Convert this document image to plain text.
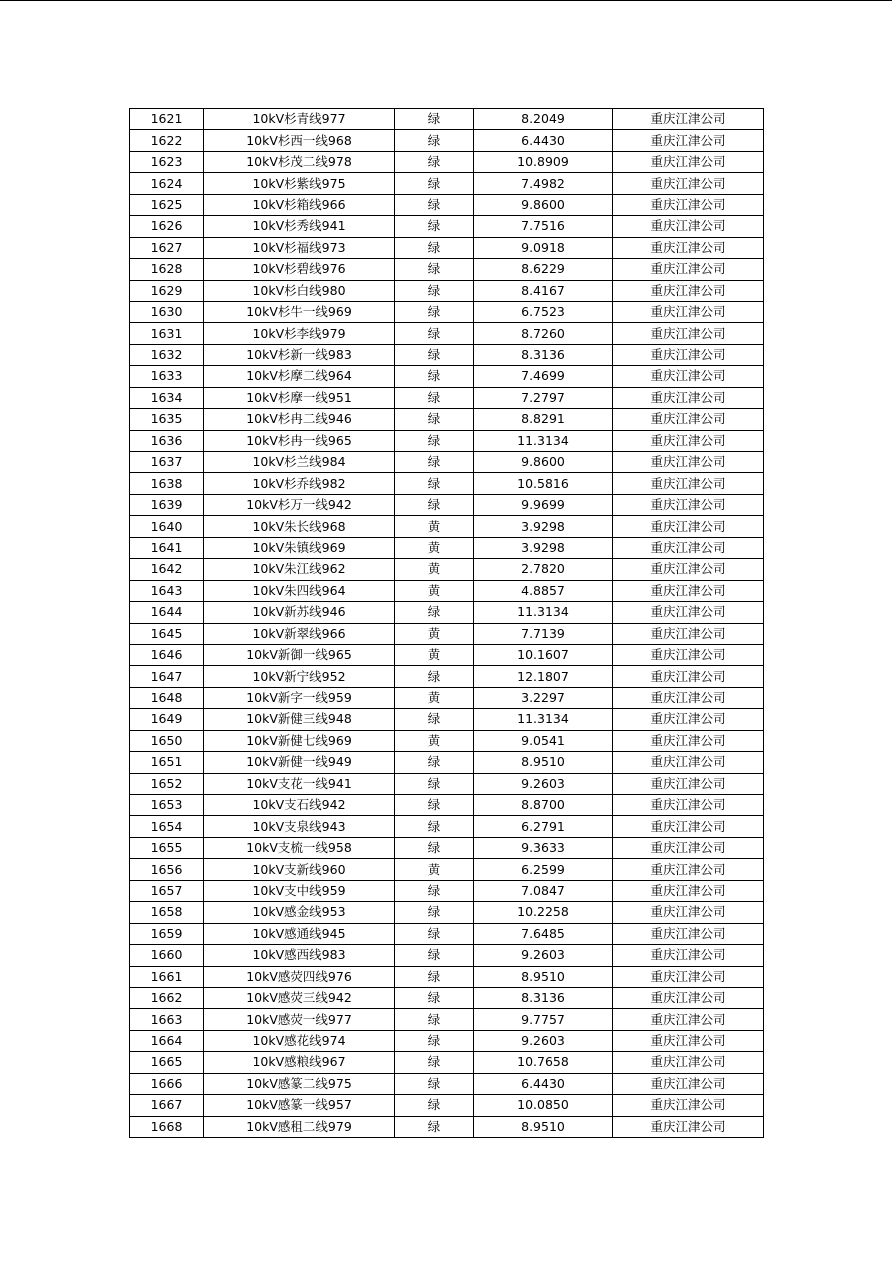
1621	10kV杉青线977	绿	8.2049	重庆江津公司
1622	10kV杉西一线968	绿	6.4430	重庆江津公司
1623	10kV杉茂二线978	绿	10.8909	重庆江津公司
1624	10kV杉紫线975	绿	7.4982	重庆江津公司
1625	10kV杉箱线966	绿	9.8600	重庆江津公司
1626	10kV杉秀线941	绿	7.7516	重庆江津公司
1627	10kV杉福线973	绿	9.0918	重庆江津公司
1628	10kV杉碧线976	绿	8.6229	重庆江津公司
1629	10kV杉白线980	绿	8.4167	重庆江津公司
1630	10kV杉牛一线969	绿	6.7523	重庆江津公司
1631	10kV杉李线979	绿	8.7260	重庆江津公司
1632	10kV杉新一线983	绿	8.3136	重庆江津公司
1633	10kV杉摩二线964	绿	7.4699	重庆江津公司
1634	10kV杉摩一线951	绿	7.2797	重庆江津公司
1635	10kV杉冉二线946	绿	8.8291	重庆江津公司
1636	10kV杉冉一线965	绿	11.3134	重庆江津公司
1637	10kV杉兰线984	绿	9.8600	重庆江津公司
1638	10kV杉乔线982	绿	10.5816	重庆江津公司
1639	10kV杉万一线942	绿	9.9699	重庆江津公司
1640	10kV朱长线968	黄	3.9298	重庆江津公司
1641	10kV朱镇线969	黄	3.9298	重庆江津公司
1642	10kV朱江线962	黄	2.7820	重庆江津公司
1643	10kV朱四线964	黄	4.8857	重庆江津公司
1644	10kV新苏线946	绿	11.3134	重庆江津公司
1645	10kV新翠线966	黄	7.7139	重庆江津公司
1646	10kV新御一线965	黄	10.1607	重庆江津公司
1647	10kV新宁线952	绿	12.1807	重庆江津公司
1648	10kV新字一线959	黄	3.2297	重庆江津公司
1649	10kV新健三线948	绿	11.3134	重庆江津公司
1650	10kV新健七线969	黄	9.0541	重庆江津公司
1651	10kV新健一线949	绿	8.9510	重庆江津公司
1652	10kV支花一线941	绿	9.2603	重庆江津公司
1653	10kV支石线942	绿	8.8700	重庆江津公司
1654	10kV支泉线943	绿	6.2791	重庆江津公司
1655	10kV支梳一线958	绿	9.3633	重庆江津公司
1656	10kV支新线960	黄	6.2599	重庆江津公司
1657	10kV支中线959	绿	7.0847	重庆江津公司
1658	10kV感金线953	绿	10.2258	重庆江津公司
1659	10kV感通线945	绿	7.6485	重庆江津公司
1660	10kV感西线983	绿	9.2603	重庆江津公司
1661	10kV感荧四线976	绿	8.9510	重庆江津公司
1662	10kV感荧三线942	绿	8.3136	重庆江津公司
1663	10kV感荧一线977	绿	9.7757	重庆江津公司
1664	10kV感花线974	绿	9.2603	重庆江津公司
1665	10kV感粮线967	绿	10.7658	重庆江津公司
1666	10kV感篆二线975	绿	6.4430	重庆江津公司
1667	10kV感篆一线957	绿	10.0850	重庆江津公司
1668	10kV感租二线979	绿	8.9510	重庆江津公司
